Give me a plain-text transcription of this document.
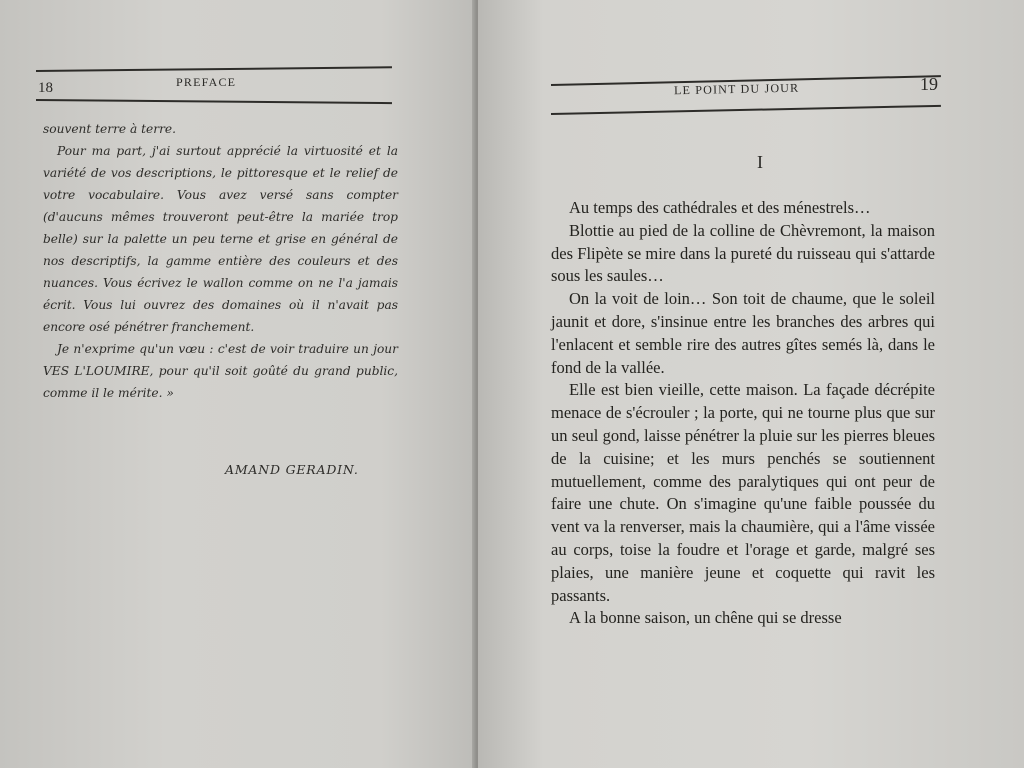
18	PREFACE

souvent terre à terre.

Pour ma part, j'ai surtout apprécié la virtuosité et la variété de vos descriptions, le pittoresque et le relief de votre vocabulaire. Vous avez versé sans compter (d'aucuns mêmes trouveront peut-être la mariée trop belle) sur la palette un peu terne et grise en général de nos descriptifs, la gamme entière des couleurs et des nuances. Vous écrivez le wallon comme on ne l'a jamais écrit. Vous lui ouvrez des domaines où il n'avait pas encore osé pénétrer franchement.

Je n'exprime qu'un vœu : c'est de voir traduire un jour VES L'LOUMIRE, pour qu'il soit goûté du grand public, comme il le mérite. »

AMAND GERADIN.
LE POINT DU JOUR	19
I

Au temps des cathédrales et des ménestrels…

Blottie au pied de la colline de Chèvremont, la maison des Flipète se mire dans la pureté du ruisseau qui s'attarde sous les saules…

On la voit de loin… Son toit de chaume, que le soleil jaunit et dore, s'insinue entre les branches des arbres qui l'enlacent et semble rire des autres gîtes semés là, dans le fond de la vallée.

Elle est bien vieille, cette maison. La façade décrépite menace de s'écrouler ; la porte, qui ne tourne plus que sur un seul gond, laisse pénétrer la pluie sur les pierres bleues de la cuisine; et les murs penchés se soutiennent mutuellement, comme des paralytiques qui ont peur de faire une chute. On s'imagine qu'une faible poussée du vent va la renverser, mais la chaumière, qui a l'âme vissée au corps, toise la foudre et l'orage et garde, malgré ses plaies, une manière jeune et coquette qui ravit les passants.

A la bonne saison, un chêne qui se dresse
